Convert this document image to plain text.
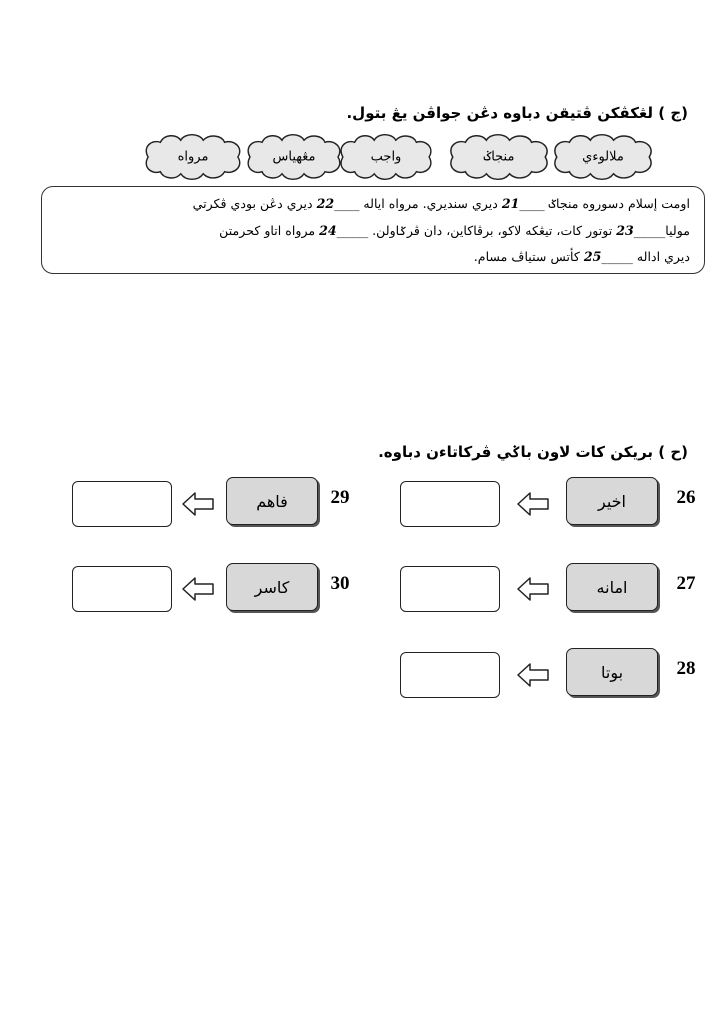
(ج ) لڠكڤكن ڤتيقن دباوه دڠن جواڤن يڠ بتول.
ملالوءي
منجاݢ
واجب
مڠهياس
مرواه
اومت إسلام دسوروه منجاݢ ____21 ديري سنديري. مرواه اياله ____22 ديري دڠن بودي ڤكرتي
موليا_____23 توتور كات، تيڠكه لاكو، برڤاكاين، دان ڤرݢاولن. _____24 مرواه اتاو كحرمتن
ديري اداله _____25 كأتس ستياڤ مسام.
(ح ) بريكن كات لاون باݢي ڤركاتاءن دباوه.
26
اخير
27
امانه
28
بوتا
29
فاهم
30
كاسر
